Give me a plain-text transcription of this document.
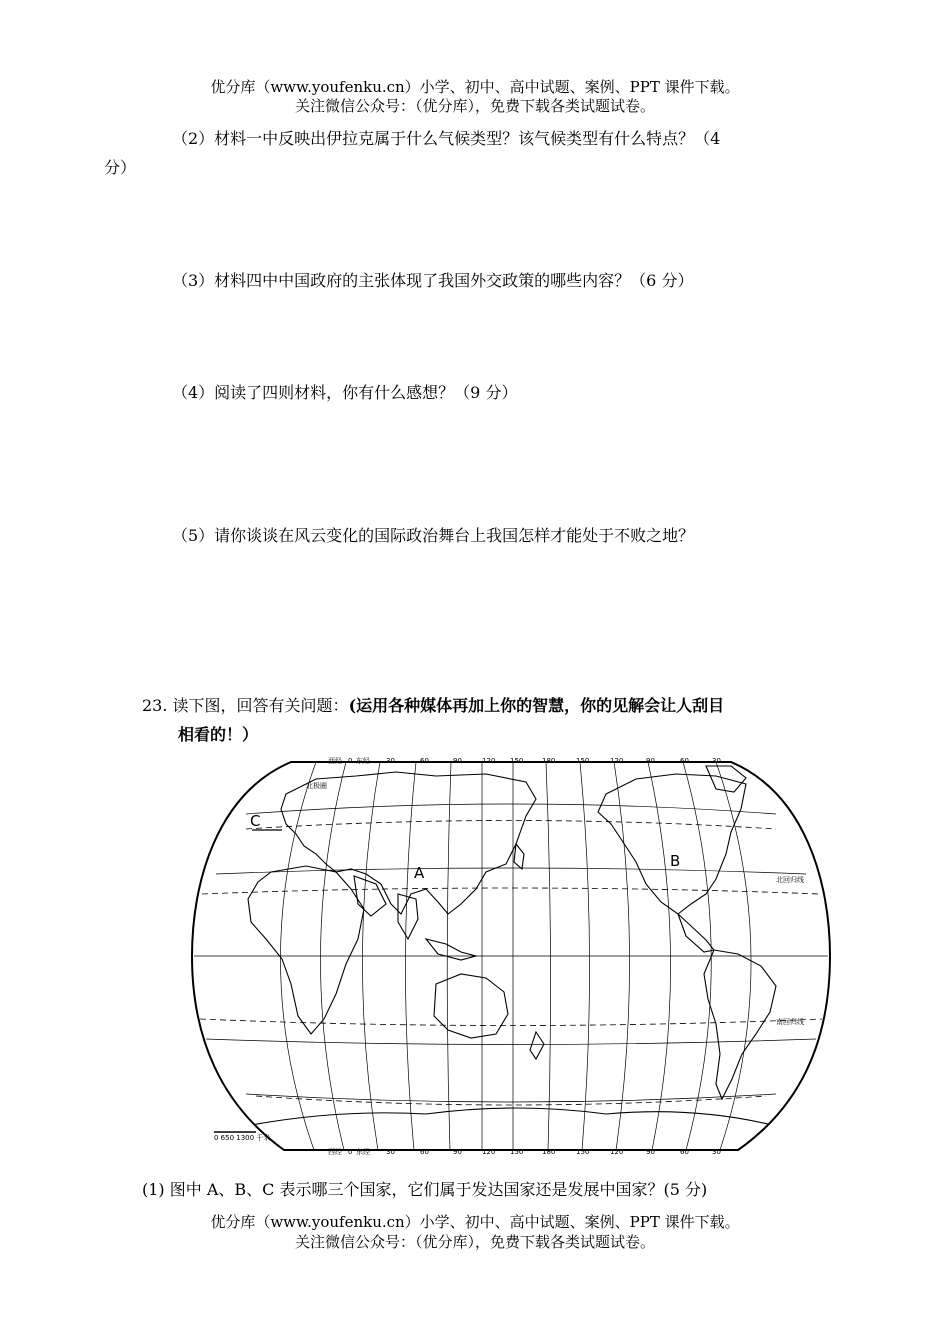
优分库（www.youfenku.cn）小学、初中、高中试题、案例、PPT 课件下载。
关注微信公众号：（优分库），免费下载各类试题试卷。
（2）材料一中反映出伊拉克属于什么气候类型？该气候类型有什么特点？（4
分）
（3）材料四中中国政府的主张体现了我国外交政策的哪些内容？（6 分）
（4）阅读了四则材料，你有什么感想？（9 分）
（5）请你谈谈在风云变化的国际政治舞台上我国怎样才能处于不败之地？
23. 读下图，回答有关问题：(运用各种媒体再加上你的智慧，你的见解会让人刮目
相看的！）
西经 0 东经 30	60	90	120 150	180	150	120	90	60	30
西经 0 东经 30	60	90	120 150	180	150	120	90	60	30
北极圈
北回归线
南回归线
0 650 1300 千米
A
B
C
(1) 图中 A、B、C 表示哪三个国家，它们属于发达国家还是发展中国家？(5 分)
优分库（www.youfenku.cn）小学、初中、高中试题、案例、PPT 课件下载。
关注微信公众号：（优分库），免费下载各类试题试卷。
